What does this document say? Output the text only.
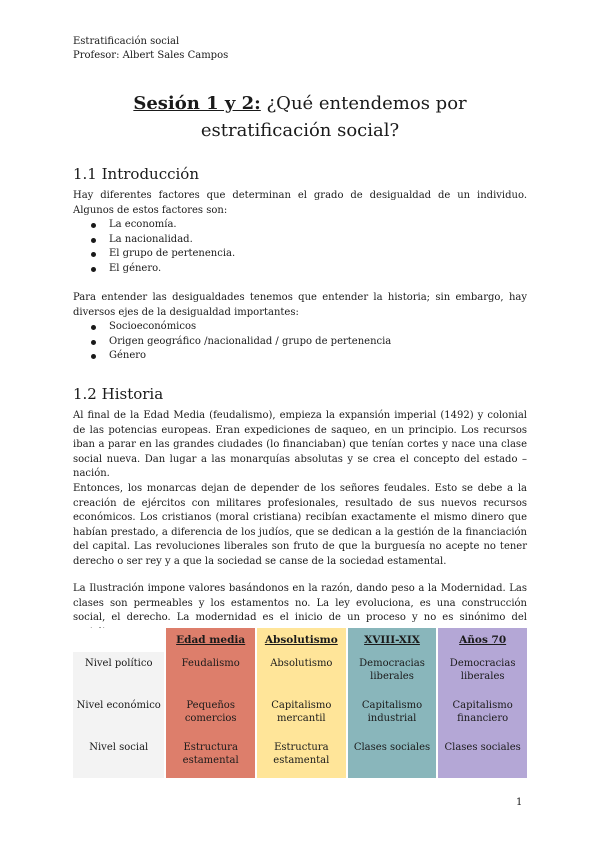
Estratificación social
Profesor: Albert Sales Campos
Sesión 1 y 2: ¿Qué entendemos por
estratificación social?
1.1 Introducción

Hay diferentes factores que determinan el grado de desigualdad de un individuo. Algunos de estos factores son:

La economía.
La nacionalidad.
El grupo de pertenencia.
El género.

Para entender las desigualdades tenemos que entender la historia; sin embargo, hay diversos ejes de la desigualdad importantes:

Socioeconómicos
Origen geográfico /nacionalidad / grupo de pertenencia
Género
1.2 Historia

Al final de la Edad Media (feudalismo), empieza la expansión imperial (1492) y colonial de las potencias europeas. Eran expediciones de saqueo, en un principio. Los recursos iban a parar en las grandes ciudades (lo financiaban) que tenían cortes y nace una clase social nueva. Dan lugar a las monarquías absolutas y se crea el concepto del estado – nación.

Entonces, los monarcas dejan de depender de los señores feudales. Esto se debe a la creación de ejércitos con militares profesionales, resultado de sus nuevos recursos económicos. Los cristianos (moral cristiana) recibían exactamente el mismo dinero que habían prestado, a diferencia de los judíos, que se dedican a la gestión de la financiación del capital. Las revoluciones liberales son fruto de que la burguesía no acepte no tener derecho o ser rey y a que la sociedad se canse de la sociedad estamental.

La Ilustración impone valores basándonos en la razón, dando peso a la Modernidad. Las clases son permeables y los estamentos no. La ley evoluciona, es una construcción social, el derecho. La modernidad es el inicio de un proceso y no es sinónimo del

		Edad media		Absolutismo		XVIII-XIX		Años 70
Nivel político		Feudalismo		Absolutismo		Democracias liberales		Democracias liberales
Nivel económico		Pequeños comercios		Capitalismo mercantil		Capitalismo industrial		Capitalismo financiero
Nivel social		Estructura estamental		Estructura estamental		Clases sociales		Clases sociales
1
